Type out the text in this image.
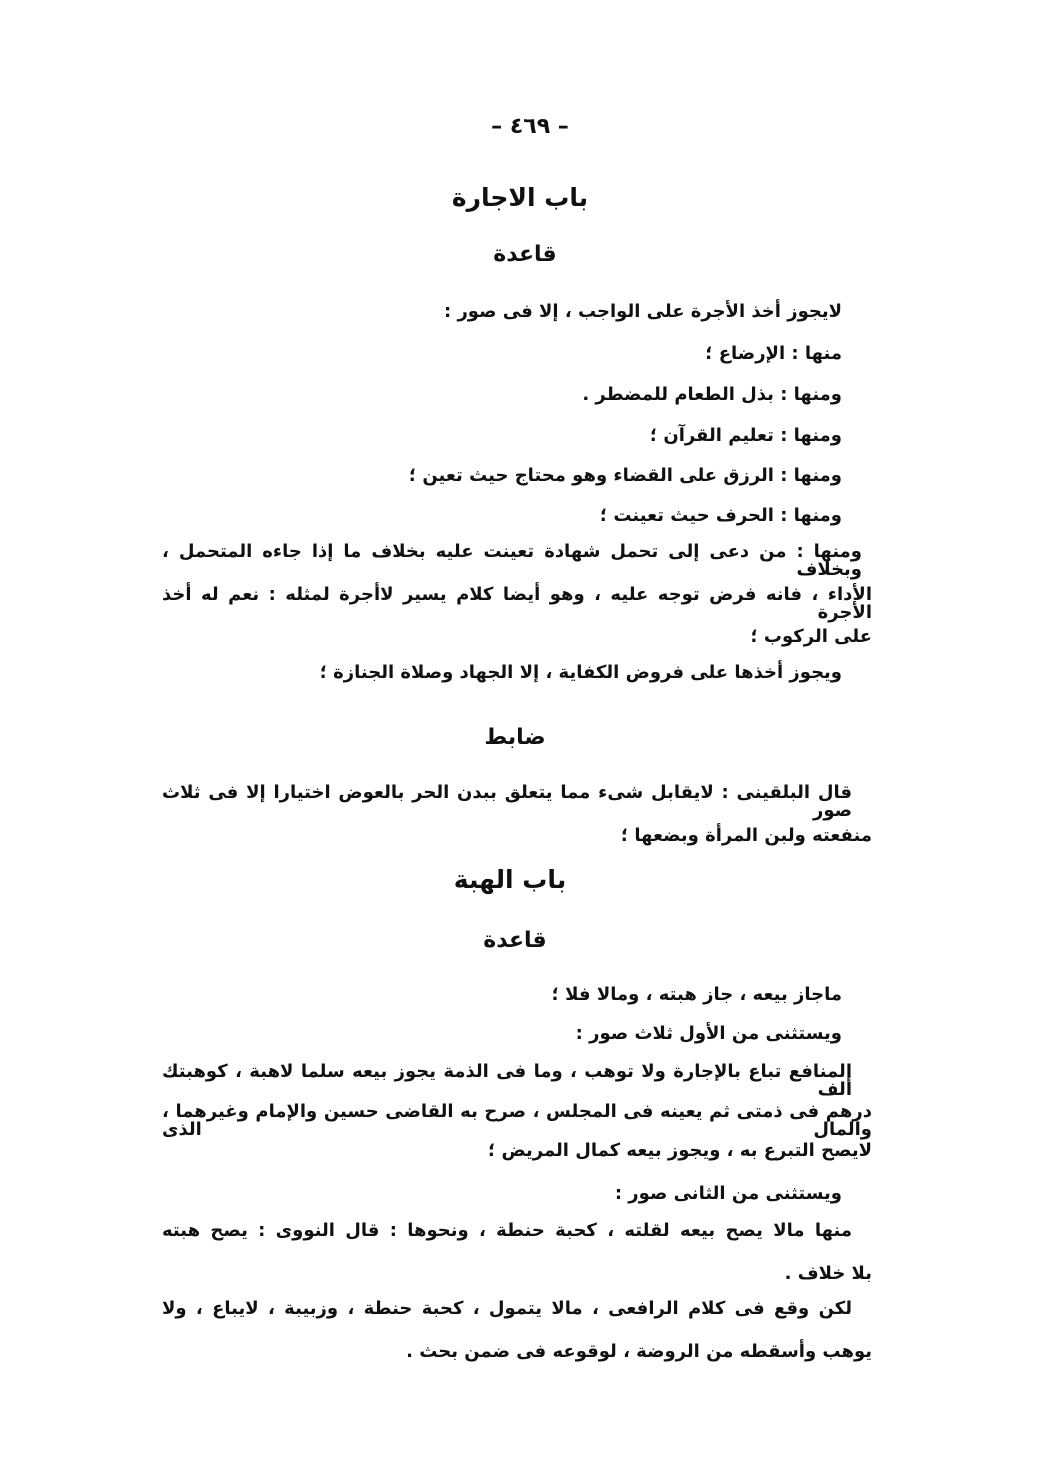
– ٤٦٩ –
باب الاجارة
قاعدة
لايجوز أخذ الأجرة على الواجب ، إلا فى صور :
منها : الإرضاع ؛
ومنها : بذل الطعام للمضطر .
ومنها : تعليم القرآن ؛
ومنها : الرزق على القضاء وهو محتاج حيث تعين ؛
ومنها : الحرف حيث تعينت ؛
ومنها : من دعى إلى تحمل شهادة تعينت عليه بخلاف ما إذا جاءه المتحمل ، وبخلاف
الأداء ، فانه فرض توجه عليه ، وهو أيضا كلام يسير لاأجرة لمثله : نعم له أخذ الأجرة
على الركوب ؛
ويجوز أخذها على فروض الكفاية ، إلا الجهاد وصلاة الجنازة ؛
ضابط
قال البلقينى : لايقابل شىء مما يتعلق ببدن الحر بالعوض اختيارا إلا فى ثلاث صور
منفعته ولبن المرأة وبضعها ؛
باب الهبة
قاعدة
ماجاز بيعه ، جاز هبته ، ومالا فلا ؛
ويستثنى من الأول ثلاث صور :
المنافع تباع بالإجارة ولا توهب ، وما فى الذمة يجوز بيعه سلما لاهبة ، كوهبتك ألف
درهم فى ذمتى ثم يعينه فى المجلس ، صرح به القاضى حسين والإمام وغيرهما ، والمال الذى
لايصح التبرع به ، ويجوز بيعه كمال المريض ؛
ويستثنى من الثانى صور :
منها مالا يصح بيعه لقلته ، كحبة حنطة ، ونحوها : قال النووى : يصح هبته
بلا خلاف .
لكن وقع فى كلام الرافعى ، مالا يتمول ، كحبة حنطة ، وزبيبة ، لايباع ، ولا
يوهب وأسقطه من الروضة ، لوقوعه فى ضمن بحث .
